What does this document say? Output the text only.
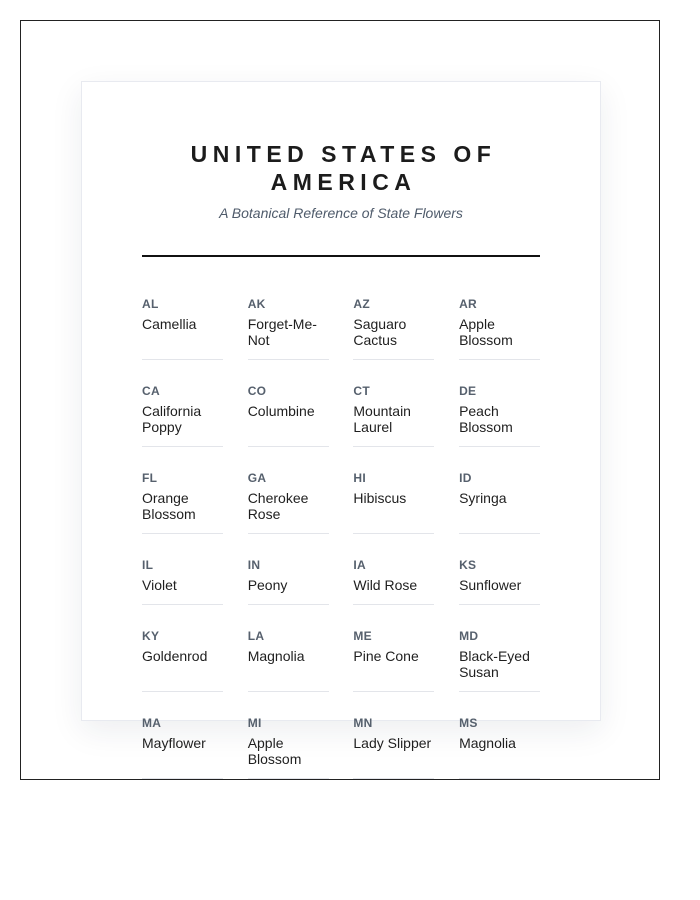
UNITED STATES OF AMERICA
A Botanical Reference of State Flowers
AL
Camellia
AK
Forget-Me-Not
AZ
Saguaro Cactus
AR
Apple Blossom
CA
California Poppy
CO
Columbine
CT
Mountain Laurel
DE
Peach Blossom
FL
Orange Blossom
GA
Cherokee Rose
HI
Hibiscus
ID
Syringa
IL
Violet
IN
Peony
IA
Wild Rose
KS
Sunflower
KY
Goldenrod
LA
Magnolia
ME
Pine Cone
MD
Black-Eyed Susan
MA
Mayflower
MI
Apple Blossom
MN
Lady Slipper
MS
Magnolia
